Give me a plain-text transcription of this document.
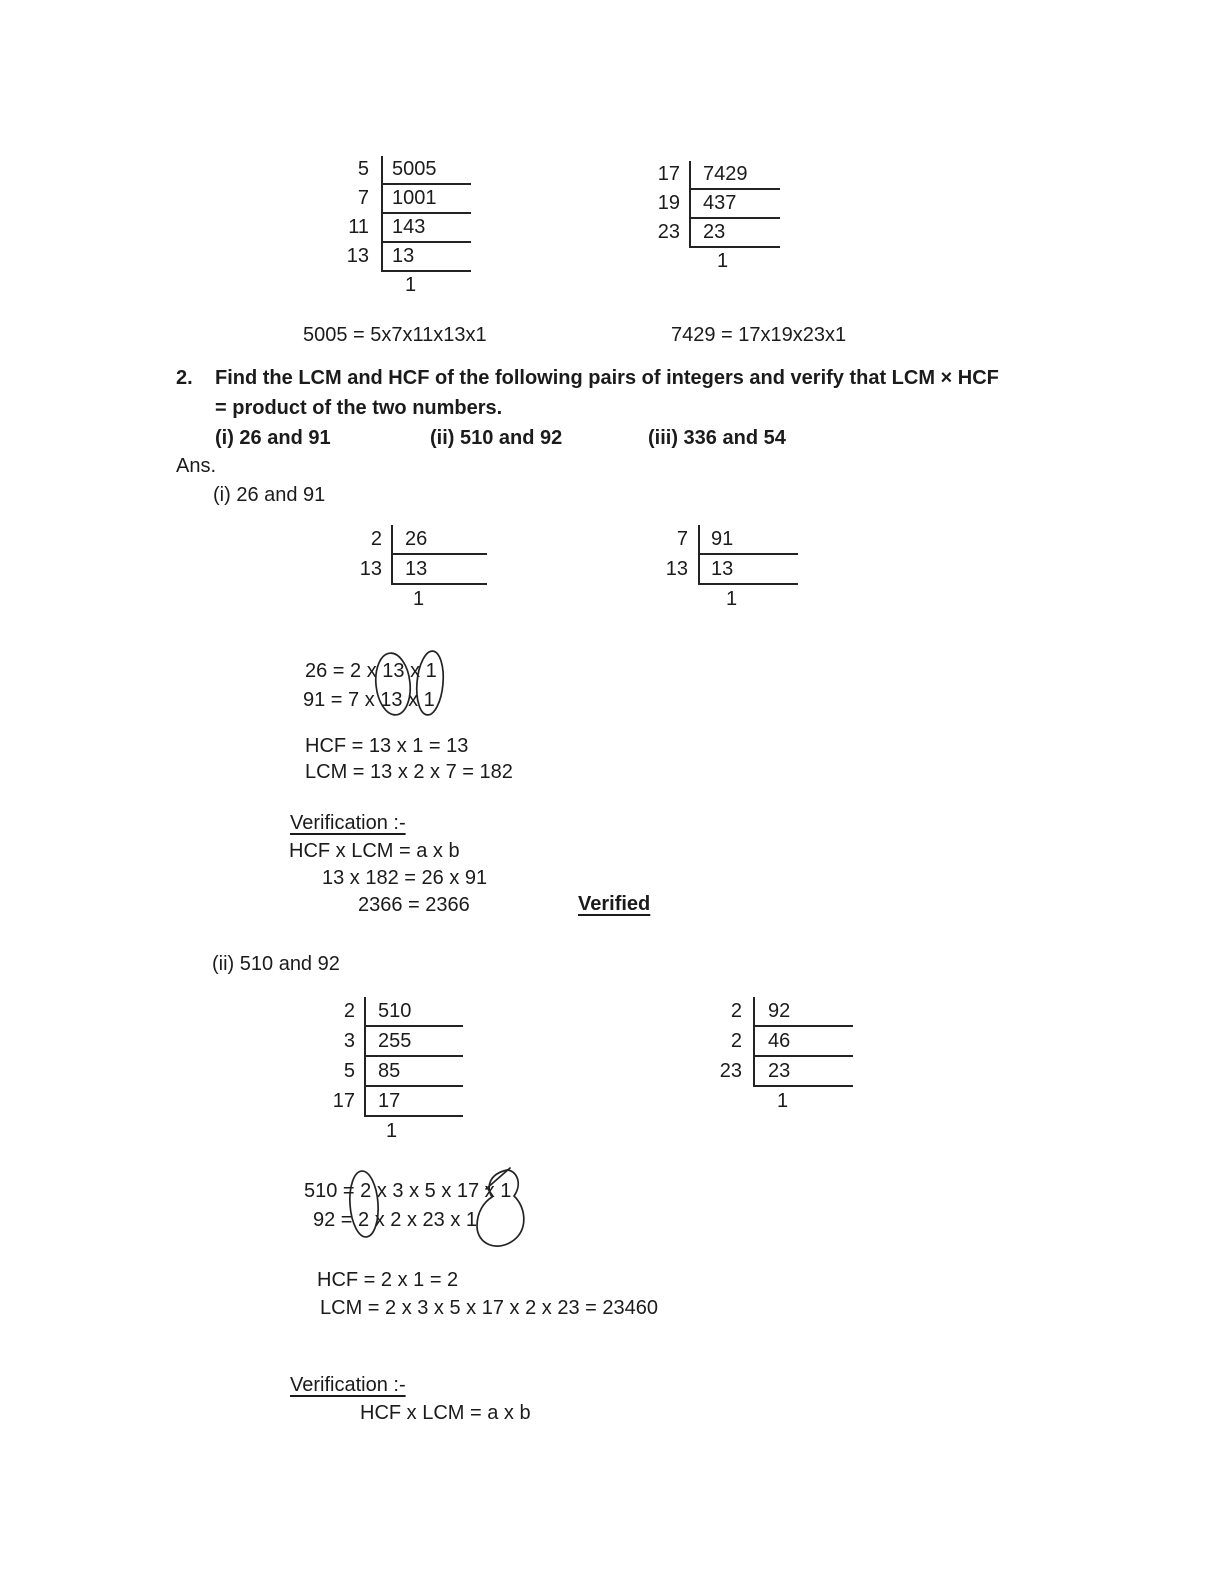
5	5005
7	1001
11	143
13	13
1
17	7429
19	437
23	23
1
5005 = 5x7x11x13x1	7429 = 17x19x23x1
2. Find the LCM and HCF of the following pairs of integers and verify that LCM × HCF
= product of the two numbers.
(i) 26 and 91	(ii) 510 and 92	(iii) 336 and 54
Ans.
(i) 26 and 91
2	26
13	13
1
7	91
13	13
1
26 = 2 x 13 x 1
91 = 7 x 13 x 1
HCF = 13 x 1 = 13
LCM = 13 x 2 x 7 = 182
Verification :-
HCF x LCM = a x b
13 x 182 = 26 x 91
2366 = 2366	Verified
(ii) 510 and 92
2	510
3	255
5	85
17	17
1
2	92
2	46
23	23
1
510 = 2 x 3 x 5 x 17 x 1
92 = 2 x 2 x 23 x 1
HCF = 2 x 1 = 2
LCM = 2 x 3 x 5 x 17 x 2 x 23 = 23460
Verification :-
HCF x LCM = a x b
